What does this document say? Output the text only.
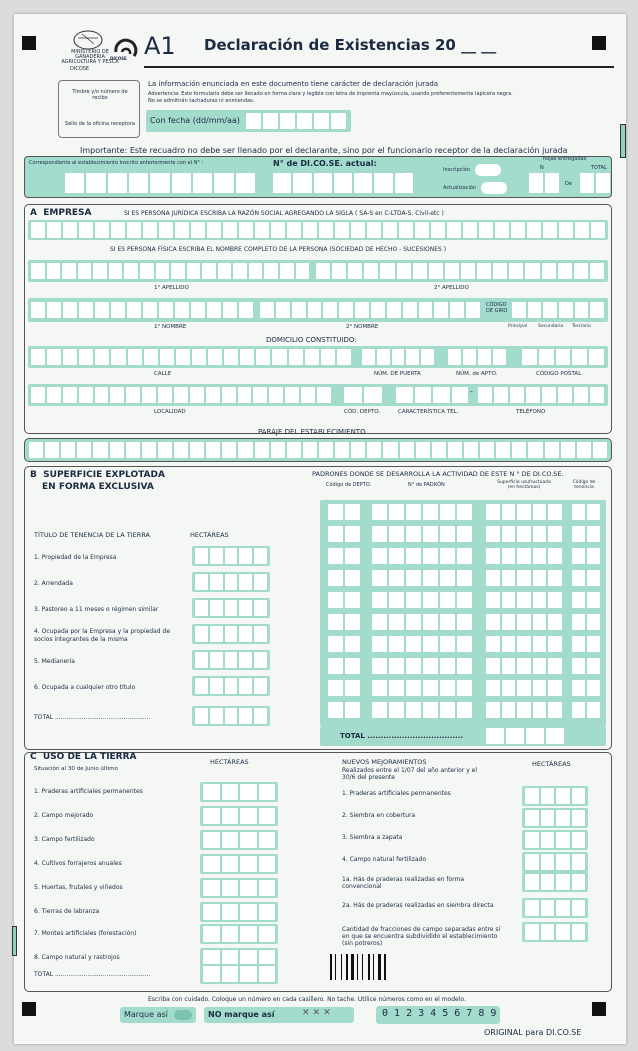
MINISTERIO DE GANADERIA AGRICULTURA Y PESCA
DICOSE
DICOSE A1 Declaración de Existencias 20 __ __
Timbre y/o número de recibo
Sello de la oficina receptora
La información enunciada en este documento tiene carácter de declaración jurada
Advertencia: Este formulario debe ser llenado en forma clara y legible con letra de imprenta mayúscula, usando preferentemente lapicera negra.
No se admitirán tachaduras ni enmiendas.
Con fecha (dd/mm/aa)
Importante: Este recuadro no debe ser llenado por el declarante, sino por el funcionario receptor de la declaración jurada
Correspondiente al establecimiento inscrito anteriormente con el N° :	N° de DI.CO.SE. actual:
Inscripción
Actualización
hojas entregadas
N	TOTAL
De
A EMPRESA	SI ES PERSONA JURÍDICA ESCRIBA LA RAZÓN SOCIAL AGREGANDO LA SIGLA ( SA-S en C-LTDA-S. Civil-etc )
SI ES PERSONA FÍSICA ESCRIBA EL NOMBRE COMPLETO DE LA PERSONA (SOCIEDAD DE HECHO - SUCESIONES )
1° APELLIDO	2° APELLIDO
CÓDIGO DE GIRO
1° NOMBRE	2° NOMBRE	Principal Secundario Terciario
DOMICILIO CONSTITUIDO:
CALLE	NÚM. DE PUERTA	NÚM. de APTO.	CÓDIGO POSTAL
-
LOCALIDAD	CÓD. DEPTO.	CARACTERÍSTICA TEL.	TELÉFONO
PARAJE DEL ESTABLECIMIENTO
B SUPERFICIE EXPLOTADA
EN FORMA EXCLUSIVA
PADRONES DONDE SE DESARROLLA LA ACTIVIDAD DE ESTE N ° DE DI.CO.SE.
Código de DEPTO.	N° de PADRÓN	Superficie usufructuada (en hectáreas)
Código de tenencia
TÍTULO DE TENENCIA DE LA TIERRA	HECTÁREAS
1. Propiedad de la Empresa
2. Arrendada
3. Pastoreo a 11 meses o régimen similar
4. Ocupada por la Empresa y la propiedad de socios integrantes de la misma
5. Medianería
6. Ocupada a cualquier otro título
TOTAL ..................................................
TOTAL ....................................
C USO DE LA TIERRA
Situación al 30 de Junio último
HECTÁREAS
TOTAL ..................................................
NUEVOS MEJORAMIENTOS
Realizados entre el 1/07 del año anterior y el 30/6 del presente
HECTÁREAS
Escriba con cuidado. Coloque un número en cada casillero. No tache. Utilice números como en el modelo.
Marque así	NO marque así	✕✕✕	0 1 2 3 4 5 6 7 8 9
ORIGINAL para DI.CO.SE
1. Praderas artificiales permanentes
2. Campo mejorado
3. Campo fertilizado
4. Cultivos forrajeros anuales
5. Huertas, frutales y viñedos
6. Tierras de labranza
7. Montes artificiales (forestación)
8. Campo natural y rastrojos
1. Praderas artificiales permanentes
2. Siembra en cobertura
3. Siembra a zapata
4. Campo natural fertilizado
1a. Hás de praderas realizadas en forma convencional
2a. Hás de praderas realizadas en siembra directa
Cantidad de fracciones de campo separadas entre sí en que se encuentra subdividido el establecimiento (sin potreros)
